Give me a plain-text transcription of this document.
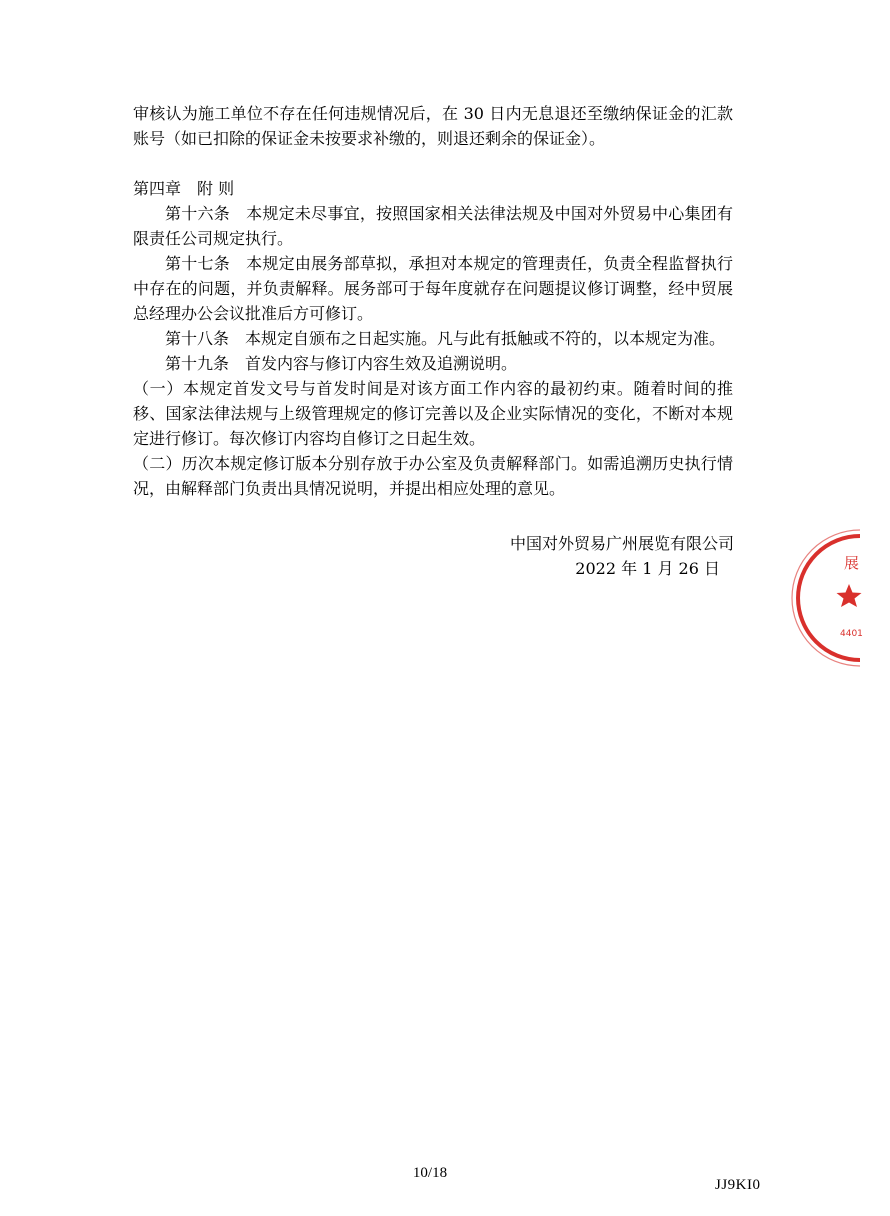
审核认为施工单位不存在任何违规情况后，在 30 日内无息退还至缴纳保证金的汇款账号（如已扣除的保证金未按要求补缴的，则退还剩余的保证金）。

第四章　附 则

第十六条　本规定未尽事宜，按照国家相关法律法规及中国对外贸易中心集团有限责任公司规定执行。

第十七条　本规定由展务部草拟，承担对本规定的管理责任，负责全程监督执行中存在的问题，并负责解释。展务部可于每年度就存在问题提议修订调整，经中贸展总经理办公会议批准后方可修订。

第十八条　本规定自颁布之日起实施。凡与此有抵触或不符的，以本规定为准。

第十九条　首发内容与修订内容生效及追溯说明。

（一）本规定首发文号与首发时间是对该方面工作内容的最初约束。随着时间的推移、国家法律法规与上级管理规定的修订完善以及企业实际情况的变化，不断对本规定进行修订。每次修订内容均自修订之日起生效。

（二）历次本规定修订版本分别存放于办公室及负责解释部门。如需追溯历史执行情况，由解释部门负责出具情况说明，并提出相应处理的意见。

中国对外贸易广州展览有限公司
2022 年 1 月 26 日	展
4401
10/18
JJ9KI0
